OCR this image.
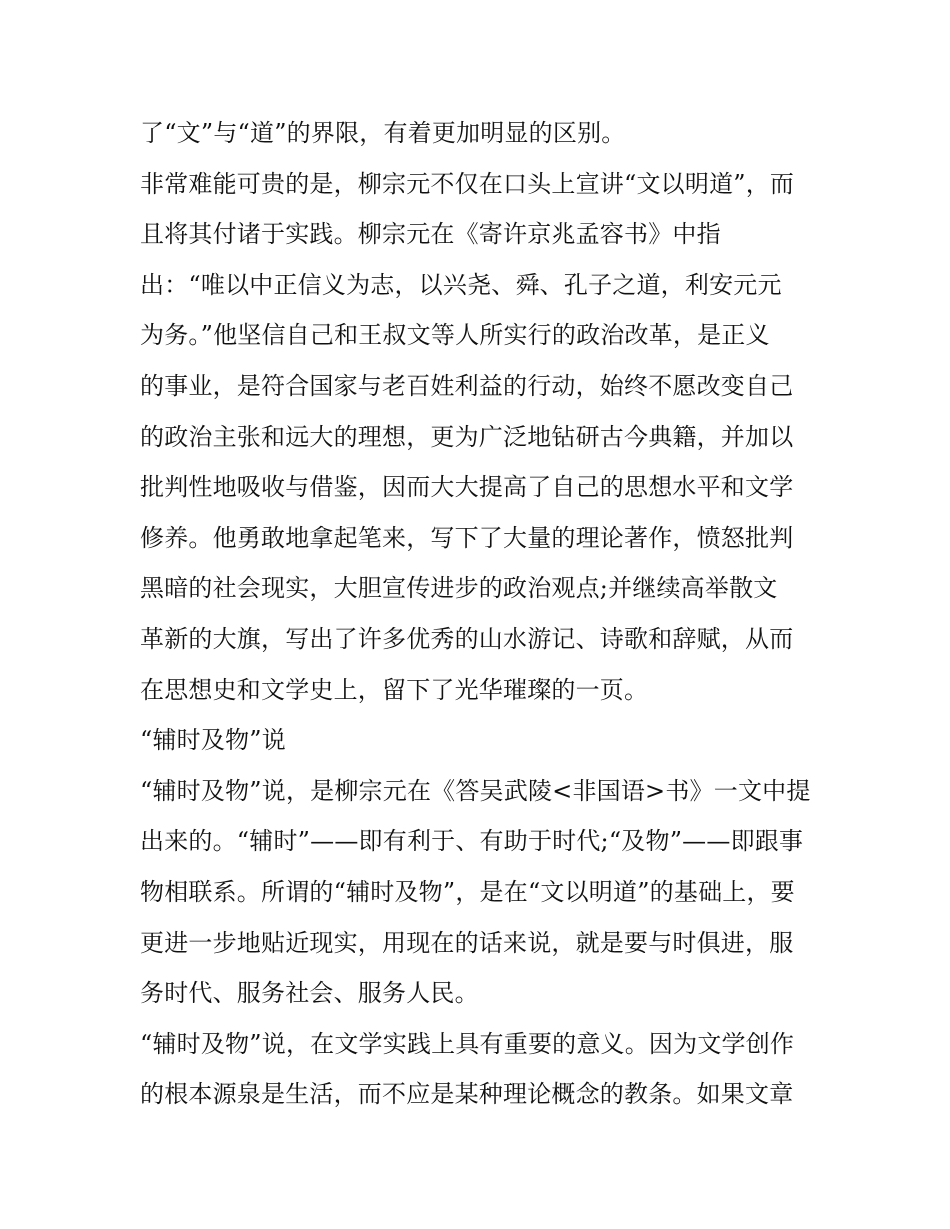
了“文”与“道”的界限，有着更加明显的区别。
非常难能可贵的是，柳宗元不仅在口头上宣讲“文以明道”，而
且将其付诸于实践。柳宗元在《寄许京兆孟容书》中指
出：“唯以中正信义为志，以兴尧、舜、孔子之道，利安元元
为务。”他坚信自己和王叔文等人所实行的政治改革，是正义
的事业，是符合国家与老百姓利益的行动，始终不愿改变自己
的政治主张和远大的理想，更为广泛地钻研古今典籍，并加以
批判性地吸收与借鉴，因而大大提高了自己的思想水平和文学
修养。他勇敢地拿起笔来，写下了大量的理论著作，愤怒批判
黑暗的社会现实，大胆宣传进步的政治观点;并继续高举散文
革新的大旗，写出了许多优秀的山水游记、诗歌和辞赋，从而
在思想史和文学史上，留下了光华璀璨的一页。
“辅时及物”说
“辅时及物”说，是柳宗元在《答吴武陵<非国语>书》一文中提
出来的。“辅时”——即有利于、有助于时代;“及物”——即跟事
物相联系。所谓的“辅时及物”，是在“文以明道”的基础上，要
更进一步地贴近现实，用现在的话来说，就是要与时俱进，服
务时代、服务社会、服务人民。
“辅时及物”说，在文学实践上具有重要的意义。因为文学创作
的根本源泉是生活，而不应是某种理论概念的教条。如果文章
